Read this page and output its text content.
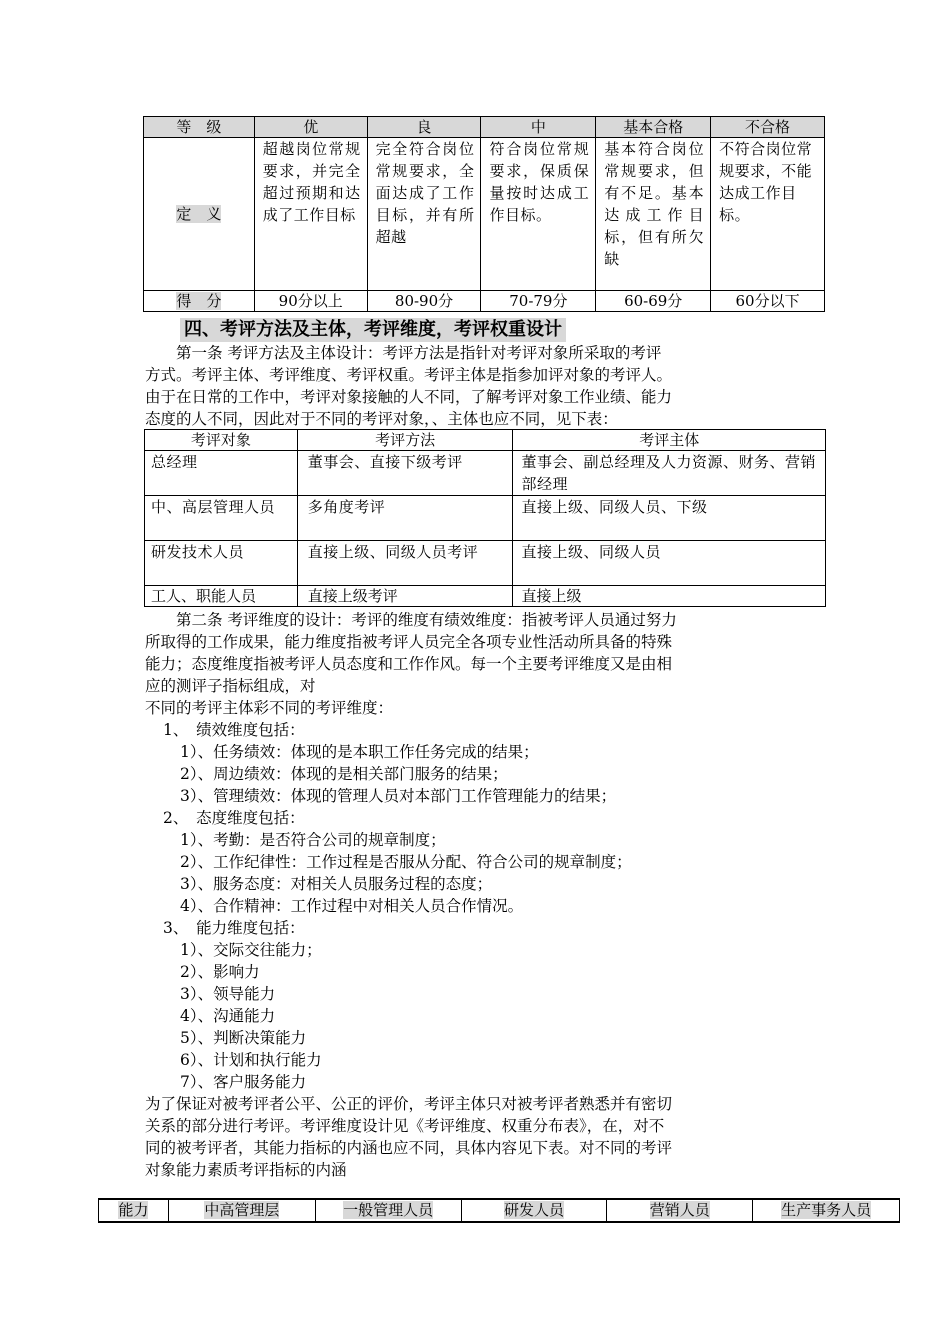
等　级	优	良	中	基本合格	不合格
定　义	超越岗位常规要求，并完全超过预期和达成了工作目标	完全符合岗位常规要求，全面达成了工作目标，并有所超越	符合岗位常规要求，保质保量按时达成工作目标。	基本符合岗位常规要求，但有不足。基本达成工作目标，但有所欠缺	不符合岗位常规要求，不能达成工作目标。
得　分	90分以上	80-90分	70-79分	60-69分	60分以下
四、考评方法及主体，考评维度，考评权重设计
　　第一条 考评方法及主体设计：考评方法是指针对考评对象所采取的考评
方式。考评主体、考评维度、考评权重。考评主体是指参加评对象的考评人。
由于在日常的工作中，考评对象接触的人不同，了解考评对象工作业绩、能力
态度的人不同，因此对于不同的考评对象，、主体也应不同，见下表：
考评对象	考评方法	考评主体
总经理	董事会、直接下级考评	董事会、副总经理及人力资源、财务、营销部经理
中、高层管理人员	多角度考评	直接上级、同级人员、下级
研发技术人员	直接上级、同级人员考评	直接上级、同级人员
工人、职能人员	直接上级考评	直接上级
　　第二条 考评维度的设计：考评的维度有绩效维度：指被考评人员通过努力
所取得的工作成果，能力维度指被考评人员完全各项专业性活动所具备的特殊
能力；态度维度指被考评人员态度和工作作风。每一个主要考评维度又是由相
应的测评子指标组成，对
不同的考评主体彩不同的考评维度：
1、　绩效维度包括：
1）、任务绩效：体现的是本职工作任务完成的结果；
2）、周边绩效：体现的是相关部门服务的结果；
3）、管理绩效：体现的管理人员对本部门工作管理能力的结果；
2、　态度维度包括：
1）、考勤：是否符合公司的规章制度；
2）、工作纪律性：工作过程是否服从分配、符合公司的规章制度；
3）、服务态度：对相关人员服务过程的态度；
4）、合作精神：工作过程中对相关人员合作情况。
3、　能力维度包括：
1）、交际交往能力；
2）、影响力
3）、领导能力
4）、沟通能力
5）、判断决策能力
6）、计划和执行能力
7）、客户服务能力
为了保证对被考评者公平、公正的评价，考评主体只对被考评者熟悉并有密切
关系的部分进行考评。考评维度设计见《考评维度、权重分布表》，在，对不
同的被考评者，其能力指标的内涵也应不同，具体内容见下表。对不同的考评
对象能力素质考评指标的内涵
能力	中高管理层	一般管理人员	研发人员	营销人员	生产事务人员
